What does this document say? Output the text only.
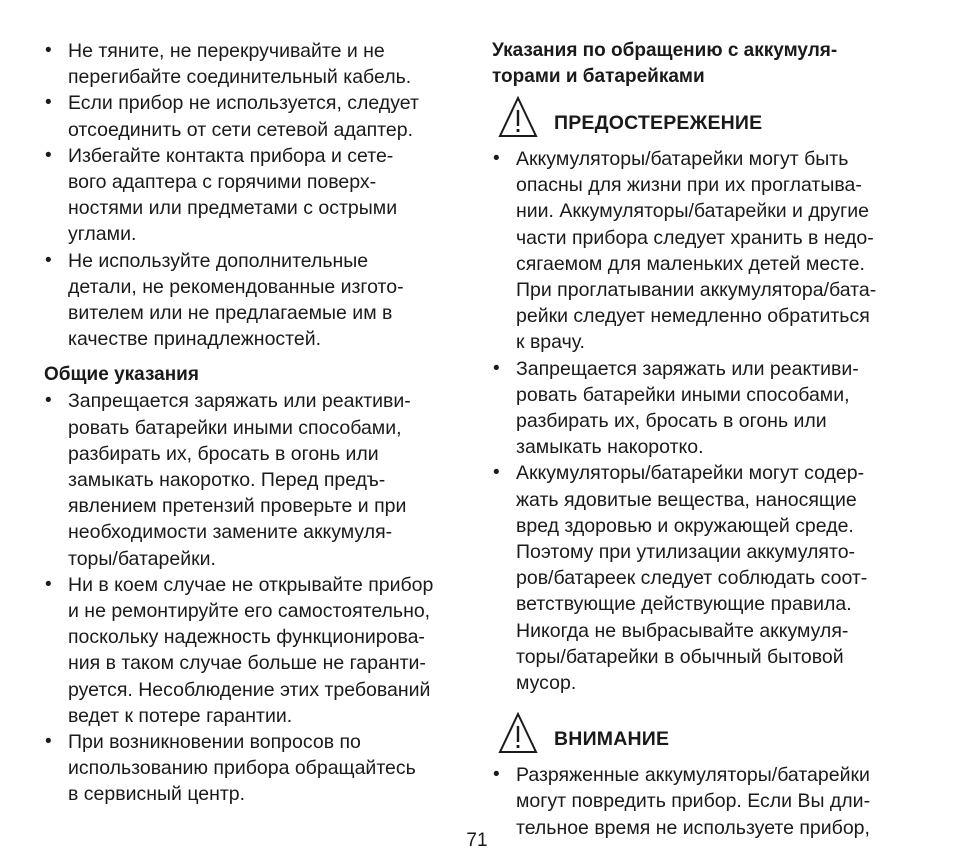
• Не тяните, не перекручивайте и не
перегибайте соединительный кабель.
• Если прибор не используется, следует
отсоединить от сети сетевой адаптер.
• Избегайте контакта прибора и сете-
вого адаптера с горячими поверх-
ностями или предметами с острыми
углами.
• Не используйте дополнительные
детали, не рекомендованные изгото-
вителем или не предлагаемые им в
качестве принадлежностей.

Общие указания

• Запрещается заряжать или реактиви-
ровать батарейки иными способами,
разбирать их, бросать в огонь или
замыкать накоротко. Перед предъ-
явлением претензий проверьте и при
необходимости замените аккумуля-
торы/батарейки.
• Ни в коем случае не открывайте прибор
и не ремонтируйте его самостоятельно,
поскольку надежность функционирова-
ния в таком случае больше не гаранти-
руется. Несоблюдение этих требований
ведет к потере гарантии.
• При возникновении вопросов по
использованию прибора обращайтесь
в сервисный центр.

Указания по обращению с аккумуля-
торами и батарейками

ПРЕДОСТЕРЕЖЕНИЕ
• Аккумуляторы/батарейки могут быть
опасны для жизни при их проглатыва-
нии. Аккумуляторы/батарейки и другие
части прибора следует хранить в недо-
сягаемом для маленьких детей месте.
При проглатывании аккумулятора/бата-
рейки следует немедленно обратиться
к врачу.
• Запрещается заряжать или реактиви-
ровать батарейки иными способами,
разбирать их, бросать в огонь или
замыкать накоротко.
• Аккумуляторы/батарейки могут содер-
жать ядовитые вещества, наносящие
вред здоровью и окружающей среде.
Поэтому при утилизации аккумулято-
ров/батареек следует соблюдать соот-
ветствующие действующие правила.
Никогда не выбрасывайте аккумуля-
торы/батарейки в обычный бытовой
мусор.
ВНИМАНИЕ
• Разряженные аккумуляторы/батарейки
могут повредить прибор. Если Вы дли-
тельное время не используете прибор,
71
